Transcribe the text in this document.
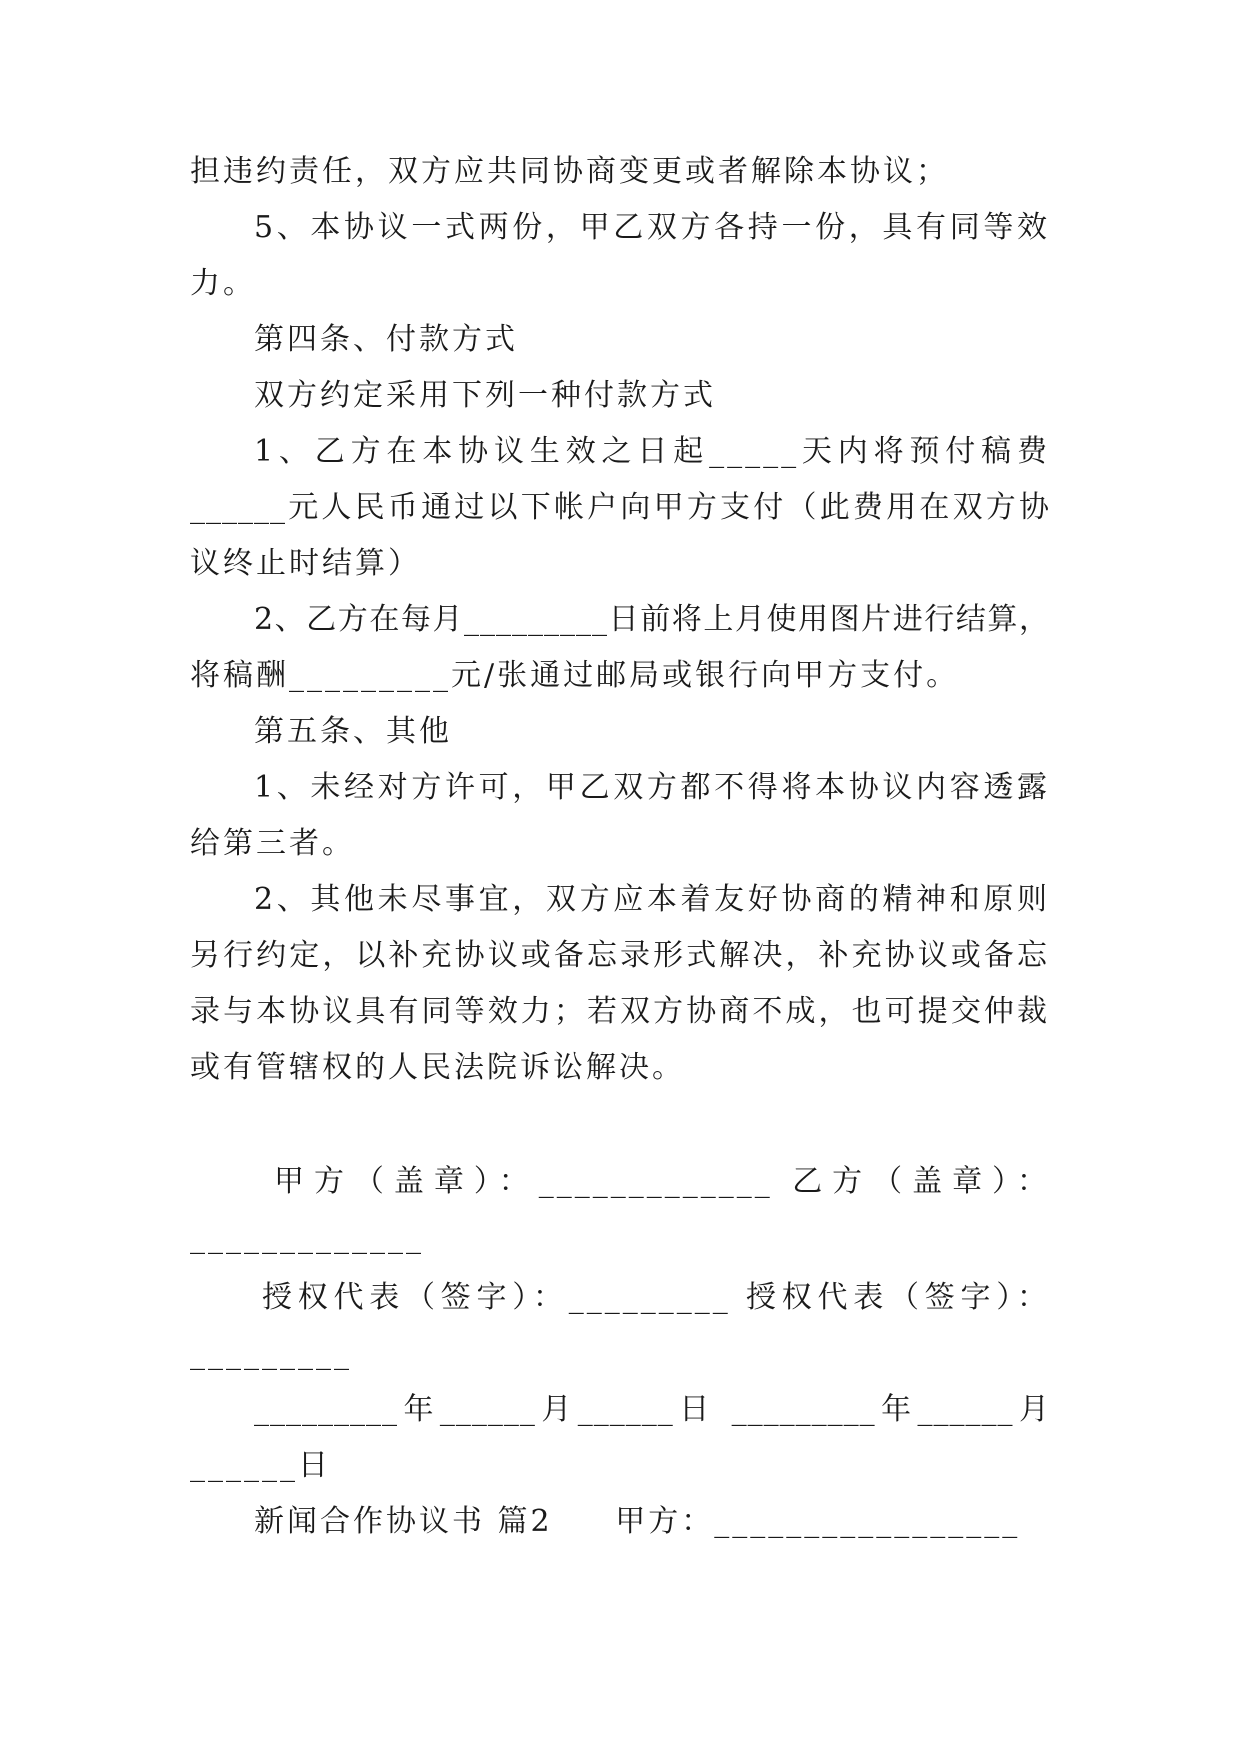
担违约责任，双方应共同协商变更或者解除本协议；
5、本协议一式两份，甲乙双方各持一份，具有同等效
力。
第四条、付款方式
双方约定采用下列一种付款方式
1、乙方在本协议生效之日起_____天内将预付稿费
______元人民币通过以下帐户向甲方支付（此费用在双方协
议终止时结算）
2、乙方在每月_________日前将上月使用图片进行结算，
将稿酬_________元/张通过邮局或银行向甲方支付。
第五条、其他
1、未经对方许可，甲乙双方都不得将本协议内容透露
给第三者。
2、其他未尽事宜，双方应本着友好协商的精神和原则
另行约定，以补充协议或备忘录形式解决，补充协议或备忘
录与本协议具有同等效力；若双方协商不成，也可提交仲裁
或有管辖权的人民法院诉讼解决。
甲方（盖章）：_____________ 乙方（盖章）：
_____________
授权代表（签字）：_________ 授权代表（签字）：
_________
_________年______月______日 _________年______月
______日
新闻合作协议书 篇2     甲方：_________________
